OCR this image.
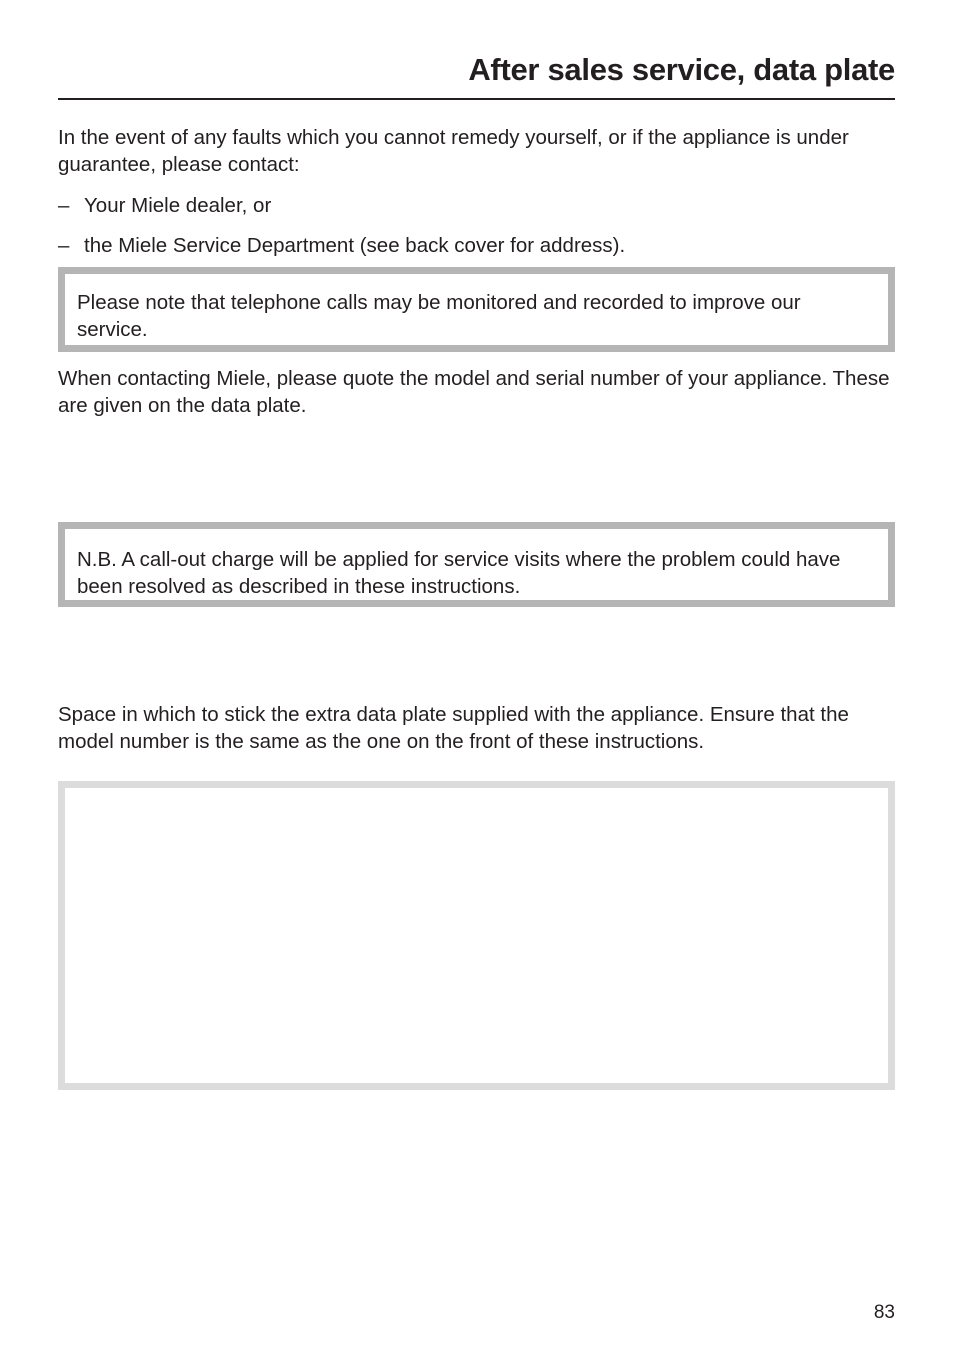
After sales service, data plate

In the event of any faults which you cannot remedy yourself, or if the appliance is under guarantee, please contact:

– Your Miele dealer, or

– the Miele Service Department (see back cover for address).

Please note that telephone calls may be monitored and recorded to improve our service.

When contacting Miele, please quote the model and serial number of your appliance. These are given on the data plate.

N.B. A call-out charge will be applied for service visits where the problem could have been resolved as described in these instructions.

Space in which to stick the extra data plate supplied with the appliance. Ensure that the model number is the same as the one on the front of these instructions.

83
